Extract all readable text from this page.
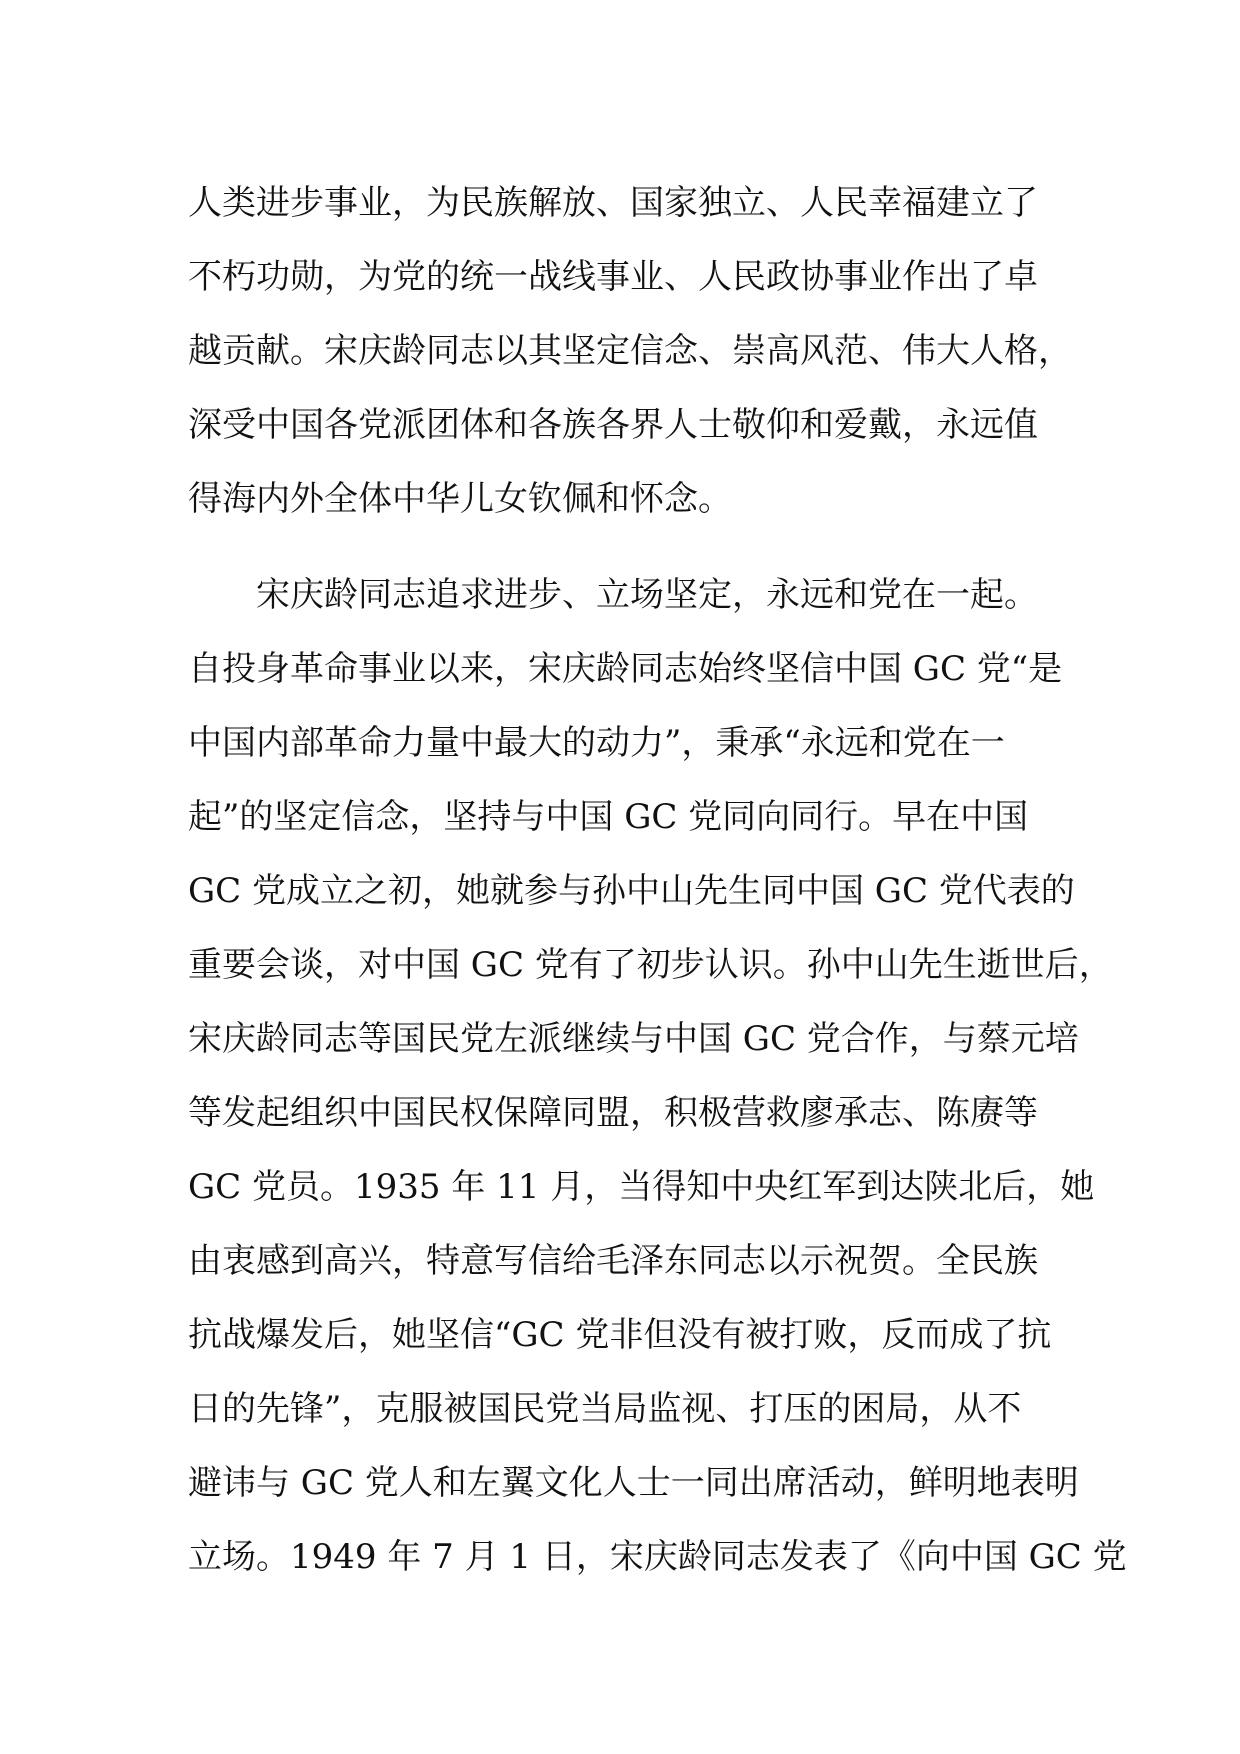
人类进步事业，为民族解放、国家独立、人民幸福建立了
不朽功勋，为党的统一战线事业、人民政协事业作出了卓
越贡献。宋庆龄同志以其坚定信念、崇高风范、伟大人格，
深受中国各党派团体和各族各界人士敬仰和爱戴，永远值
得海内外全体中华儿女钦佩和怀念。
宋庆龄同志追求进步、立场坚定，永远和党在一起。
自投身革命事业以来，宋庆龄同志始终坚信中国 GC 党“是
中国内部革命力量中最大的动力”，秉承“永远和党在一
起”的坚定信念，坚持与中国 GC 党同向同行。早在中国
GC 党成立之初，她就参与孙中山先生同中国 GC 党代表的
重要会谈，对中国 GC 党有了初步认识。孙中山先生逝世后，
宋庆龄同志等国民党左派继续与中国 GC 党合作，与蔡元培
等发起组织中国民权保障同盟，积极营救廖承志、陈赓等
GC 党员。1935 年 11 月，当得知中央红军到达陕北后，她
由衷感到高兴，特意写信给毛泽东同志以示祝贺。全民族
抗战爆发后，她坚信“GC 党非但没有被打败，反而成了抗
日的先锋”，克服被国民党当局监视、打压的困局，从不
避讳与 GC 党人和左翼文化人士一同出席活动，鲜明地表明
立场。1949 年 7 月 1 日，宋庆龄同志发表了《向中国 GC 党
